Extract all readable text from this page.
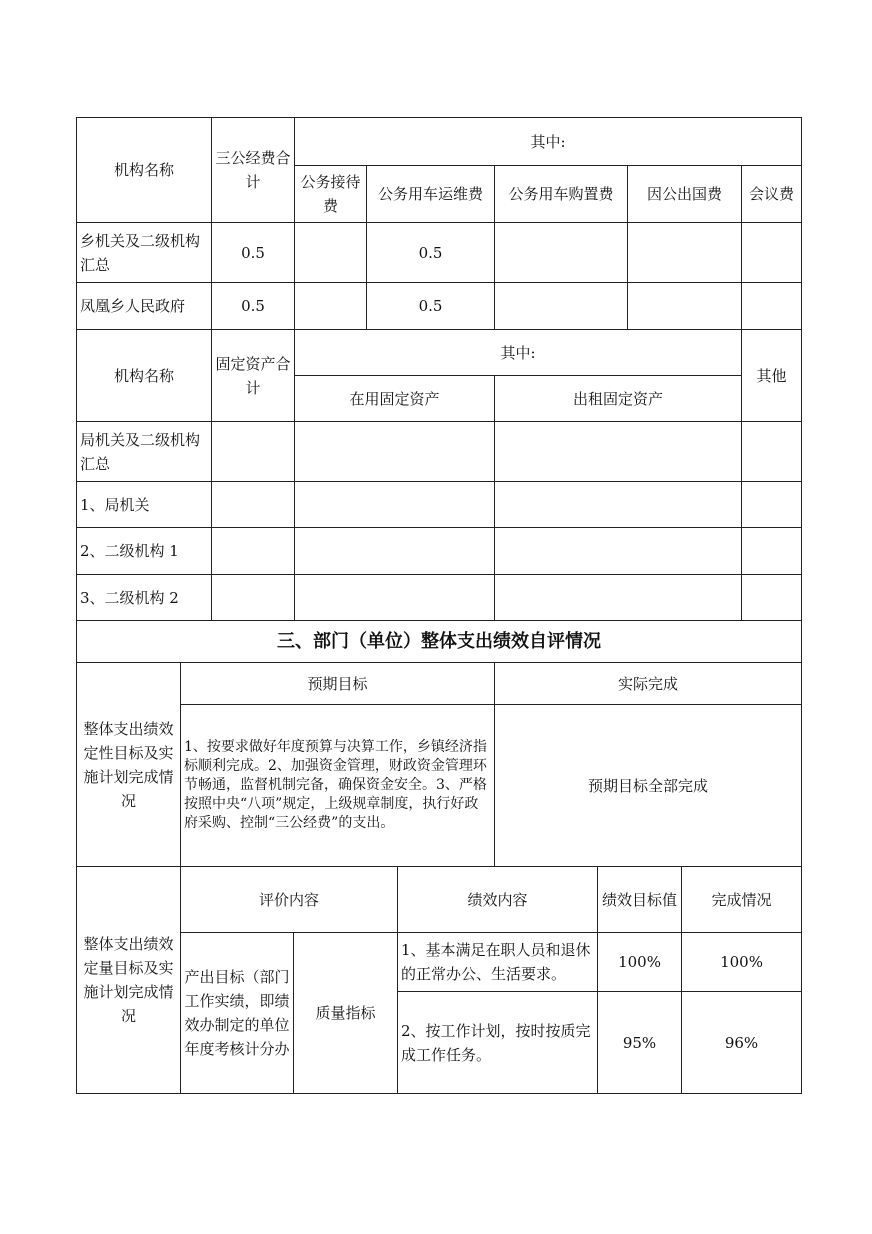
机构名称	三公经费合计	其中:				
		公务接待费	公务用车运维费	公务用车购置费	因公出国费	会议费
乡机关及二级机构汇总	0.5		0.5			
凤凰乡人民政府	0.5		0.5			
机构名称	固定资产合计	其中:				其他
		在用固定资产		出租固定资产		
局机关及二级机构汇总						
1、局机关						
2、二级机构 1						
3、二级机构 2						
三、部门（单位）整体支出绩效自评情况		
整体支出绩效定性目标及实施计划完成情况	预期目标	实际完成
	1、按要求做好年度预算与决算工作，乡镇经济指标顺利完成。2、加强资金管理，财政资金管理环节畅通，监督机制完备，确保资金安全。3、严格按照中央“八项”规定，上级规章制度，执行好政府采购、控制“三公经费”的支出。	预期目标全部完成
整体支出绩效定量目标及实施计划完成情况	评价内容		绩效内容	绩效目标值	完成情况
	产出目标（部门工作实绩，即绩效办制定的单位年度考核计分办	质量指标	1、基本满足在职人员和退休的正常办公、生活要求。	100%	100%
			2、按工作计划，按时按质完成工作任务。	95%	96%
